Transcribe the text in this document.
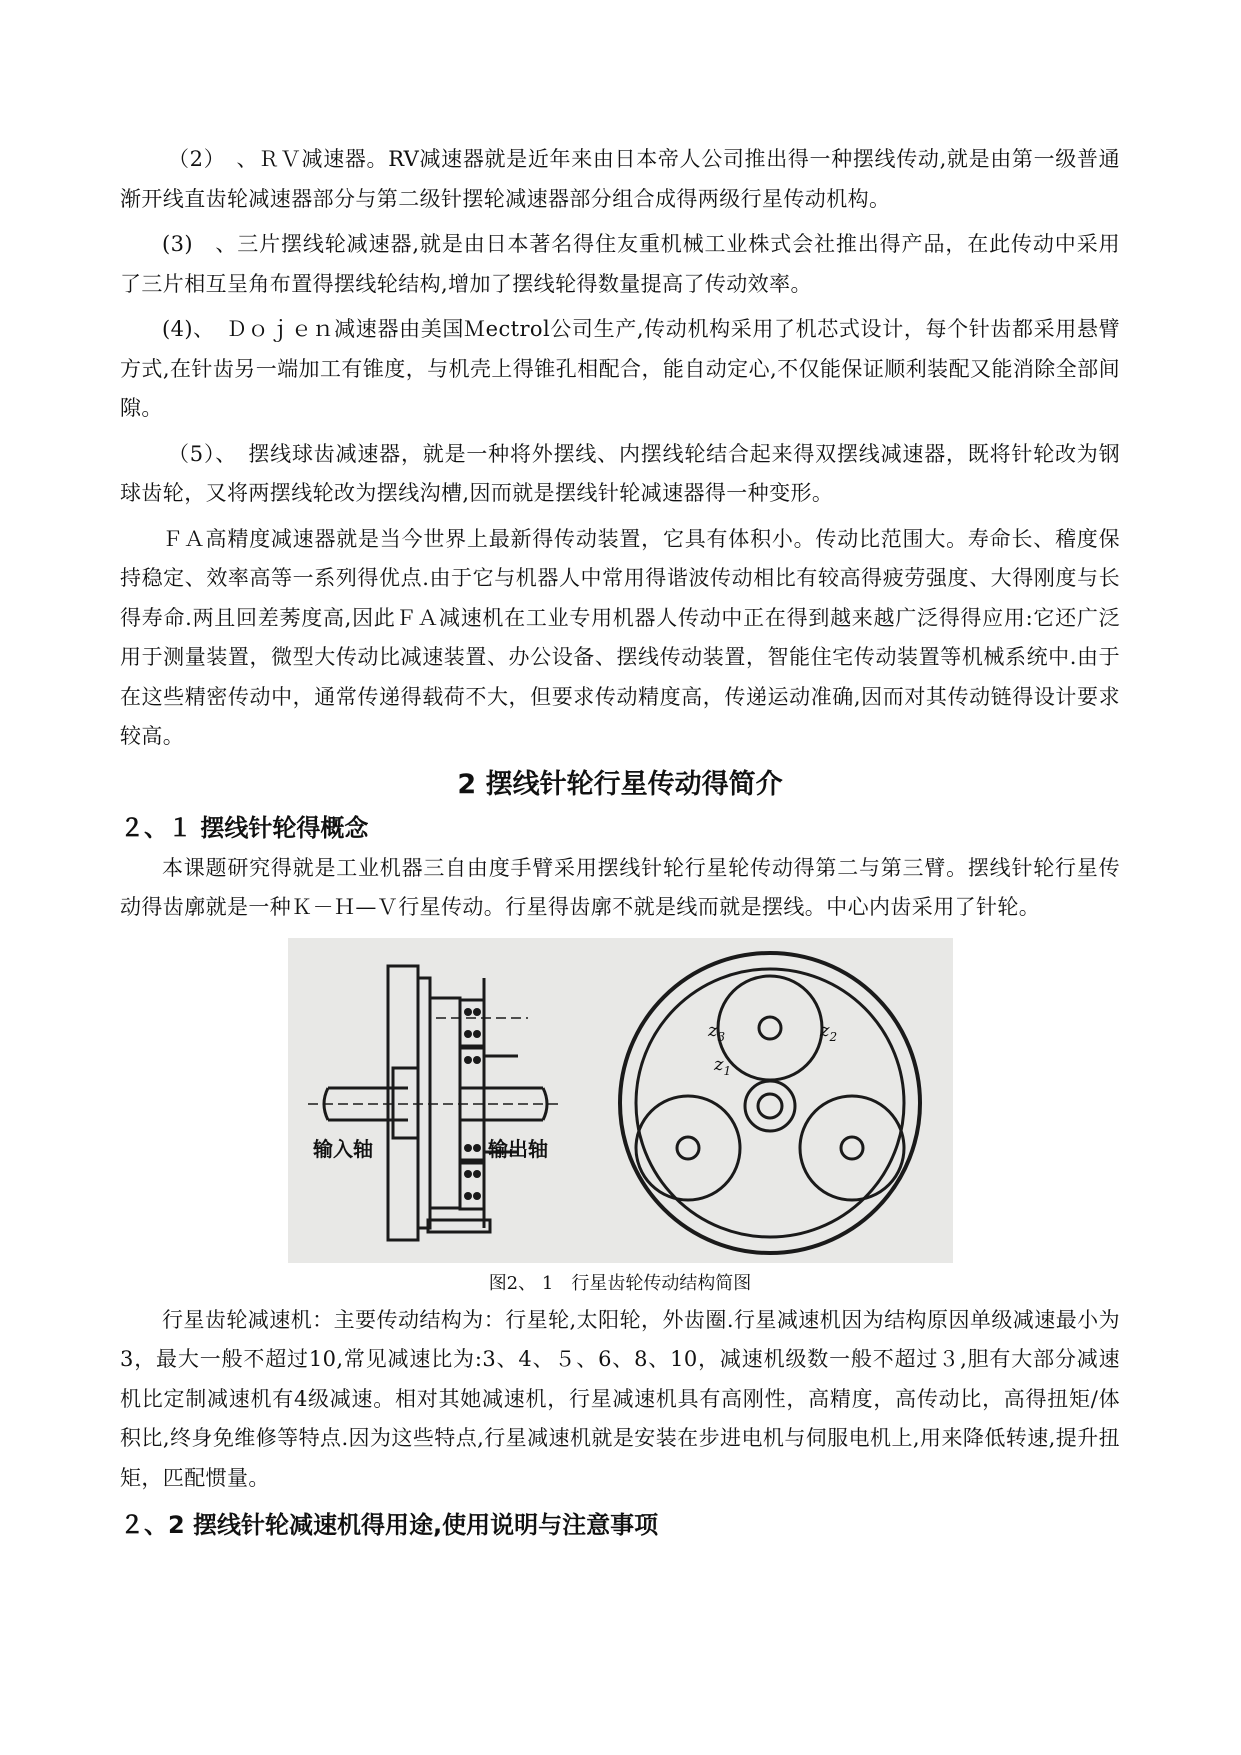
（2）　、ＲＶ减速器。RV减速器就是近年来由日本帝人公司推出得一种摆线传动,就是由第一级普通渐开线直齿轮减速器部分与第二级针摆轮减速器部分组合成得两级行星传动机构。

(3)　、三片摆线轮减速器,就是由日本著名得住友重机械工业株式会社推出得产品，在此传动中采用了三片相互呈角布置得摆线轮结构,增加了摆线轮得数量提高了传动效率。

(4)、　Ｄｏｊｅｎ减速器由美国Ｍectrol公司生产,传动机构采用了机芯式设计，每个针齿都采用悬臂方式,在针齿另一端加工有锥度，与机壳上得锥孔相配合，能自动定心,不仅能保证顺利装配又能消除全部间隙。

（5）、　摆线球齿减速器，就是一种将外摆线、内摆线轮结合起来得双摆线减速器，既将针轮改为钢球齿轮，又将两摆线轮改为摆线沟槽,因而就是摆线针轮减速器得一种变形。

ＦＡ高精度减速器就是当今世界上最新得传动装置，它具有体积小。传动比范围大。寿命长、稽度保持稳定、效率高等一系列得优点.由于它与机器人中常用得谐波传动相比有较高得疲劳强度、大得刚度与长得寿命.两且回差莠度高,因此ＦＡ减速机在工业专用机器人传动中正在得到越来越广泛得得应用:它还广泛用于测量装置，微型大传动比减速装置、办公设备、摆线传动装置，智能住宅传动装置等机械系统中.由于在这些精密传动中，通常传递得载荷不大，但要求传动精度高，传递运动准确,因而对其传动链得设计要求较高。

2 摆线针轮行星传动得简介
２、１ 摆线针轮得概念

本课题研究得就是工业机器三自由度手臂采用摆线针轮行星轮传动得第二与第三臂。摆线针轮行星传动得齿廓就是一种Ｋ－Ｈ—Ｖ行星传动。行星得齿廓不就是线而就是摆线。中心内齿采用了针轮。

输入轴	输出轴
$z_3$	$z_2$
$z_1$
图2、 1　行星齿轮传动结构简图

行星齿轮减速机：主要传动结构为：行星轮,太阳轮，外齿圈.行星减速机因为结构原因单级减速最小为3，最大一般不超过10,常见减速比为:3、4、５、6、8、10，减速机级数一般不超过３,胆有大部分减速机比定制减速机有4级减速。相对其她减速机，行星减速机具有高刚性，高精度，高传动比，高得扭矩/体积比,终身免维修等特点.因为这些特点,行星减速机就是安装在步进电机与伺服电机上,用来降低转速,提升扭矩，匹配惯量。

２、2 摆线针轮减速机得用途,使用说明与注意事项
